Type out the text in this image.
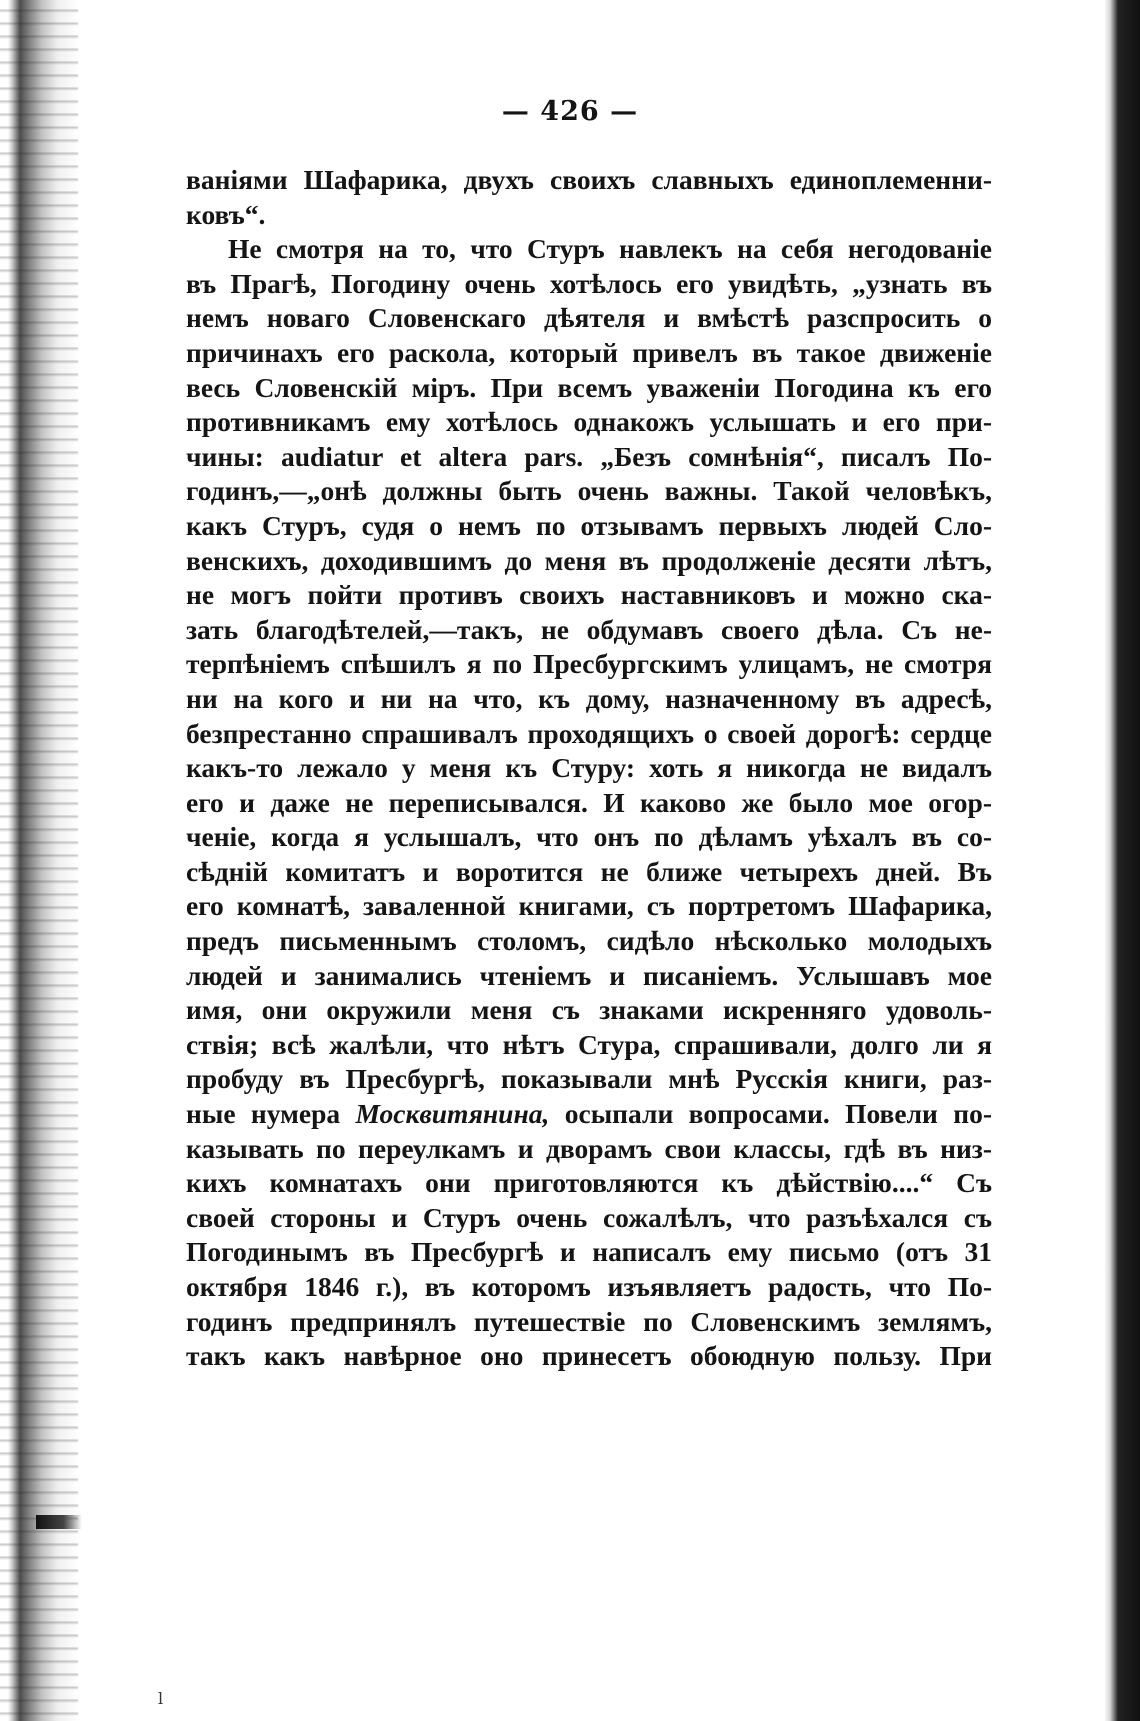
— 426 —
ваніями Шафарика, двухъ своихъ славныхъ единоплеменни-
ковъ“.
Не смотря на то, что Стуръ навлекъ на себя негодованіе
въ Прагѣ, Погодину очень хотѣлось его увидѣть, „узнать въ
немъ новаго Словенскаго дѣятеля и вмѣстѣ разспросить о
причинахъ его раскола, который привелъ въ такое движеніе
весь Словенскій міръ. При всемъ уваженіи Погодина къ его
противникамъ ему хотѣлось однакожъ услышать и его при-
чины: audiatur et altera pars. „Безъ сомнѣнія“, писалъ По-
годинъ,—„онѣ должны быть очень важны. Такой человѣкъ,
какъ Стуръ, судя о немъ по отзывамъ первыхъ людей Сло-
венскихъ, доходившимъ до меня въ продолженіе десяти лѣтъ,
не могъ пойти противъ своихъ наставниковъ и можно ска-
зать благодѣтелей,—такъ, не обдумавъ своего дѣла. Съ не-
терпѣніемъ спѣшилъ я по Пресбургскимъ улицамъ, не смотря
ни на кого и ни на что, къ дому, назначенному въ адресѣ,
безпрестанно спрашивалъ проходящихъ о своей дорогѣ: сердце
какъ-то лежало у меня къ Стуру: хоть я никогда не видалъ
его и даже не переписывался. И каково же было мое огор-
ченіе, когда я услышалъ, что онъ по дѣламъ уѣхалъ въ со-
сѣдній комитатъ и воротится не ближе четырехъ дней. Въ
его комнатѣ, заваленной книгами, съ портретомъ Шафарика,
предъ письменнымъ столомъ, сидѣло нѣсколько молодыхъ
людей и занимались чтеніемъ и писаніемъ. Услышавъ мое
имя, они окружили меня съ знаками искренняго удоволь-
ствія; всѣ жалѣли, что нѣтъ Стура, спрашивали, долго ли я
пробуду въ Пресбургѣ, показывали мнѣ Русскія книги, раз-
ные нумера Москвитянина, осыпали вопросами. Повели по-
казывать по переулкамъ и дворамъ свои классы, гдѣ въ низ-
кихъ комнатахъ они приготовляются къ дѣйствію....“ Съ
своей стороны и Стуръ очень сожалѣлъ, что разъѣхался съ
Погодинымъ въ Пресбургѣ и написалъ ему письмо (отъ 31
октября 1846 г.), въ которомъ изъявляетъ радость, что По-
годинъ предпринялъ путешествіе по Словенскимъ землямъ,
такъ какъ навѣрное оно принесетъ обоюдную пользу. При
ⅼ
